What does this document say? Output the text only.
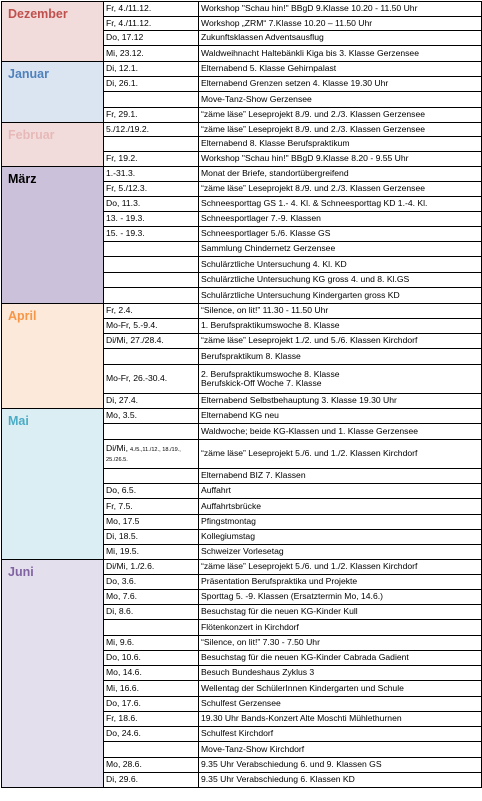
Dezember	Fr, 4./11.12.	Workshop "Schau hin!" BBgD 9.Klasse 10.20 - 11.50 Uhr
	Fr, 4./11.12.	Workshop „ZRM“ 7.Klasse 10.20 – 11.50 Uhr
	Do, 17.12	Zukunftsklassen Adventsausflug
	Mi, 23.12.	Waldweihnacht Haltebänkli Kiga bis 3. Klasse Gerzensee
Januar	Di, 12.1.	Elternabend 5. Klasse Gehirnpalast
	Di, 26.1.	Elternabend Grenzen setzen 4. Klasse 19.30 Uhr
		Move-Tanz-Show Gerzensee
	Fr, 29.1.	“zäme läse” Leseprojekt 8./9. und 2./3. Klassen Gerzensee
Februar	5./12./19.2.	“zäme läse” Leseprojekt 8./9. und 2./3. Klassen Gerzensee
		Elternabend 8. Klasse Berufspraktikum
	Fr, 19.2.	Workshop "Schau hin!" BBgD 9.Klasse 8.20 - 9.55 Uhr
März	1.-31.3.	Monat der Briefe, standortübergreifend
	Fr, 5./12.3.	“zäme läse” Leseprojekt 8./9. und 2./3. Klassen Gerzensee
	Do, 11.3.	Schneesporttag GS 1.- 4. Kl. & Schneesporttag KD 1.-4. Kl.
	13. - 19.3.	Schneesportlager 7.-9. Klassen
	15. - 19.3.	Schneesportlager 5./6. Klasse GS
		Sammlung Chindernetz Gerzensee
		Schulärztliche Untersuchung 4. Kl. KD
		Schulärztliche Untersuchung KG gross 4. und 8. Kl.GS
		Schulärztliche Untersuchung Kindergarten gross KD
April	Fr, 2.4.	“Silence, on lit!” 11.30 - 11.50 Uhr
	Mo-Fr, 5.-9.4.	1. Berufspraktikumswoche 8. Klasse
	Di/Mi, 27./28.4.	“zäme läse” Leseprojekt 1./2. und 5./6. Klassen Kirchdorf
		Berufspraktikum 8. Klasse
	Mo-Fr, 26.-30.4.	2. Berufspraktikumswoche 8. Klasse
Berufskick-Off Woche 7. Klasse
	Di, 27.4.	Elternabend Selbstbehauptung 3. Klasse 19.30 Uhr
Mai	Mo, 3.5.	Elternabend KG neu
		Waldwoche; beide KG-Klassen und 1. Klasse Gerzensee
	Di/Mi, 4./5.,11./12., 18./19., 25./26.5.	“zäme läse” Leseprojekt 5./6. und 1./2. Klassen Kirchdorf
		Elternabend BIZ 7. Klassen
	Do, 6.5.	Auffahrt
	Fr, 7.5.	Auffahrtsbrücke
	Mo, 17.5	Pfingstmontag
	Di, 18.5.	Kollegiumstag
	Mi, 19.5.	Schweizer Vorlesetag
Juni	Di/Mi, 1./2.6.	“zäme läse” Leseprojekt 5./6. und 1./2. Klassen Kirchdorf
	Do, 3.6.	Präsentation Berufspraktika und Projekte
	Mo, 7.6.	Sporttag 5. -9. Klassen (Ersatztermin Mo, 14.6.)
	Di, 8.6.	Besuchstag für die neuen KG-Kinder Kull
		Flötenkonzert in Kirchdorf
	Mi, 9.6.	“Silence, on lit!” 7.30 - 7.50 Uhr
	Do, 10.6.	Besuchstag für die neuen KG-Kinder Cabrada Gadient
	Mo, 14.6.	Besuch Bundeshaus Zyklus 3
	Mi, 16.6.	Wellentag der SchülerInnen Kindergarten und Schule
	Do, 17.6.	Schulfest Gerzensee
	Fr, 18.6.	19.30 Uhr Bands-Konzert Alte Moschti Mühlethurnen
	Do, 24.6.	Schulfest Kirchdorf
		Move-Tanz-Show Kirchdorf
	Mo, 28.6.	9.35 Uhr Verabschiedung 6. und 9. Klassen GS
	Di, 29.6.	9.35 Uhr Verabschiedung 6. Klassen KD
